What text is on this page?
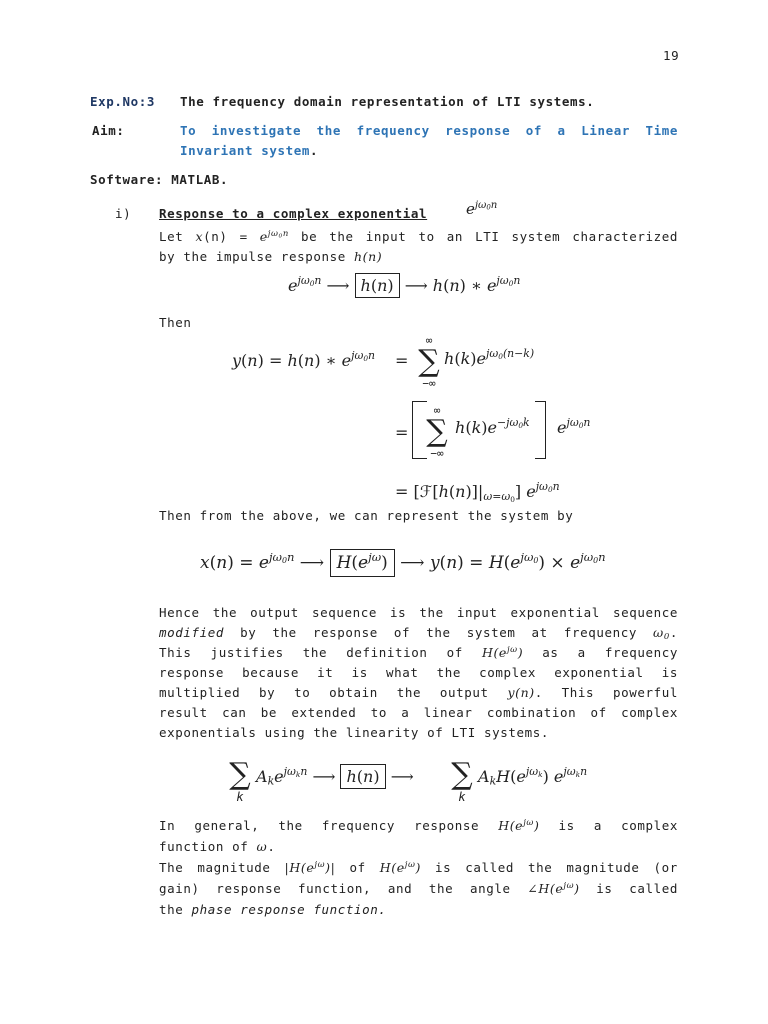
19
Exp.No:3 The frequency domain representation of LTI systems.
Aim:	To investigate the frequency response of a Linear Time
Invariant system.
Software: MATLAB.
i) Response to a complex exponential	$e^{j\omega_0n}$
Let $x(n) = e^{j\omega_0n}$ be the input to an LTI system characterized
by the impulse response h(n)
$e^{j\omega_0n}$ ⟶ h(n) ⟶ h(n) ∗ $e^{j\omega_0n}$
Then
y(n) = h(n) ∗ $e^{j\omega_0n}$ =
∞
∑
−∞
$h(k)e^{j\omega_0(n-k)}$
=
∞
∑
−∞
$h(k)e^{-j\omega_0k}$ $e^{j\omega_0n}$
= $[ℱ[h(n)]|_{\omega=\omega_0}]$ $e^{j\omega_0n}$
Then from the above, we can represent the system by
$x(n) = e^{j\omega_0n}$ ⟶ $H(e^{j\omega})$ ⟶ $y(n) = H(e^{j\omega_0}) \times e^{j\omega_0n}$
Hence the output sequence is the input exponential sequence
modified by the response of the system at frequency $\omega_0$.
This justifies the definition of $H(e^{j\omega})$ as a frequency
response because it is what the complex exponential is
multiplied by to obtain the output y(n). This powerful
result can be extended to a linear combination of complex
exponentials using the linearity of LTI systems.
∑
k
$A_ke^{j\omega_kn}$ ⟶ h(n) ⟶ ∑
k
$A_kH(e^{j\omega_k})$ $e^{j\omega_kn}$
In general, the frequency response $H(e^{j\omega})$ is a complex
function of ω.
The magnitude $|H(e^{j\omega})|$ of $H(e^{j\omega})$ is called the magnitude (or
gain) response function, and the angle $\angle H(e^{j\omega})$ is called
the phase response function.
